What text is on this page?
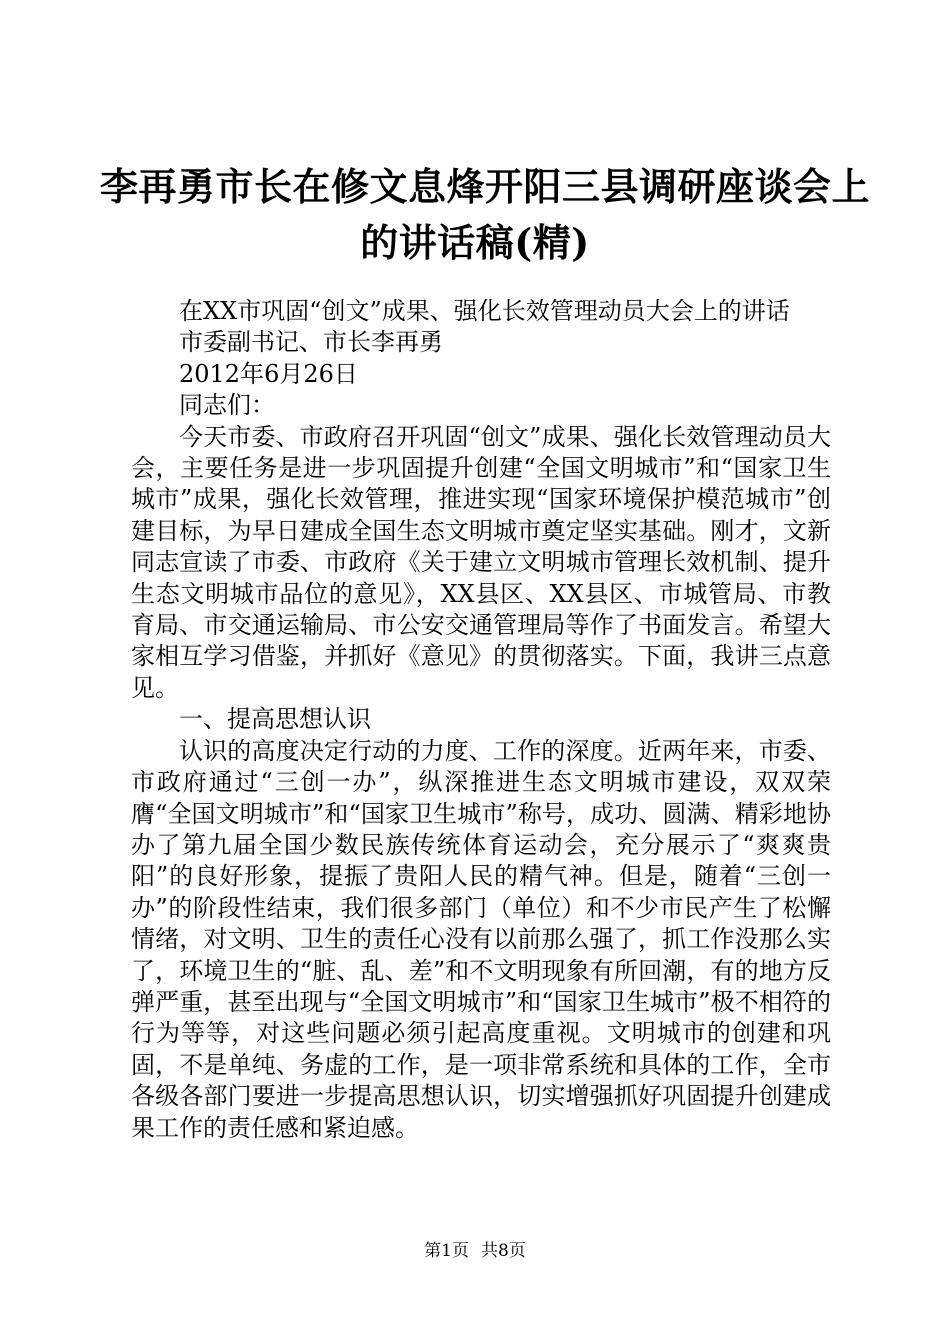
李再勇市长在修文息烽开阳三县调研座谈会上
的讲话稿(精)

在XX市巩固“创文”成果、强化长效管理动员大会上的讲话

市委副书记、市长李再勇

2012年6月26日

同志们：

今天市委、市政府召开巩固“创文”成果、强化长效管理动员大会，主要任务是进一步巩固提升创建“全国文明城市”和“国家卫生城市”成果，强化长效管理，推进实现“国家环境保护模范城市”创建目标，为早日建成全国生态文明城市奠定坚实基础。刚才，文新同志宣读了市委、市政府《关于建立文明城市管理长效机制、提升生态文明城市品位的意见》，XX县区、XX县区、市城管局、市教育局、市交通运输局、市公安交通管理局等作了书面发言。希望大家相互学习借鉴，并抓好《意见》的贯彻落实。下面，我讲三点意见。

一、提高思想认识

认识的高度决定行动的力度、工作的深度。近两年来，市委、市政府通过“三创一办”，纵深推进生态文明城市建设，双双荣膺“全国文明城市”和“国家卫生城市”称号，成功、圆满、精彩地协办了第九届全国少数民族传统体育运动会，充分展示了“爽爽贵阳”的良好形象，提振了贵阳人民的精气神。但是，随着“三创一办”的阶段性结束，我们很多部门（单位）和不少市民产生了松懈情绪，对文明、卫生的责任心没有以前那么强了，抓工作没那么实了，环境卫生的“脏、乱、差”和不文明现象有所回潮，有的地方反弹严重，甚至出现与“全国文明城市”和“国家卫生城市”极不相符的行为等等，对这些问题必须引起高度重视。文明城市的创建和巩固，不是单纯、务虚的工作，是一项非常系统和具体的工作，全市各级各部门要进一步提高思想认识，切实增强抓好巩固提升创建成果工作的责任感和紧迫感。

第1页 共8页
